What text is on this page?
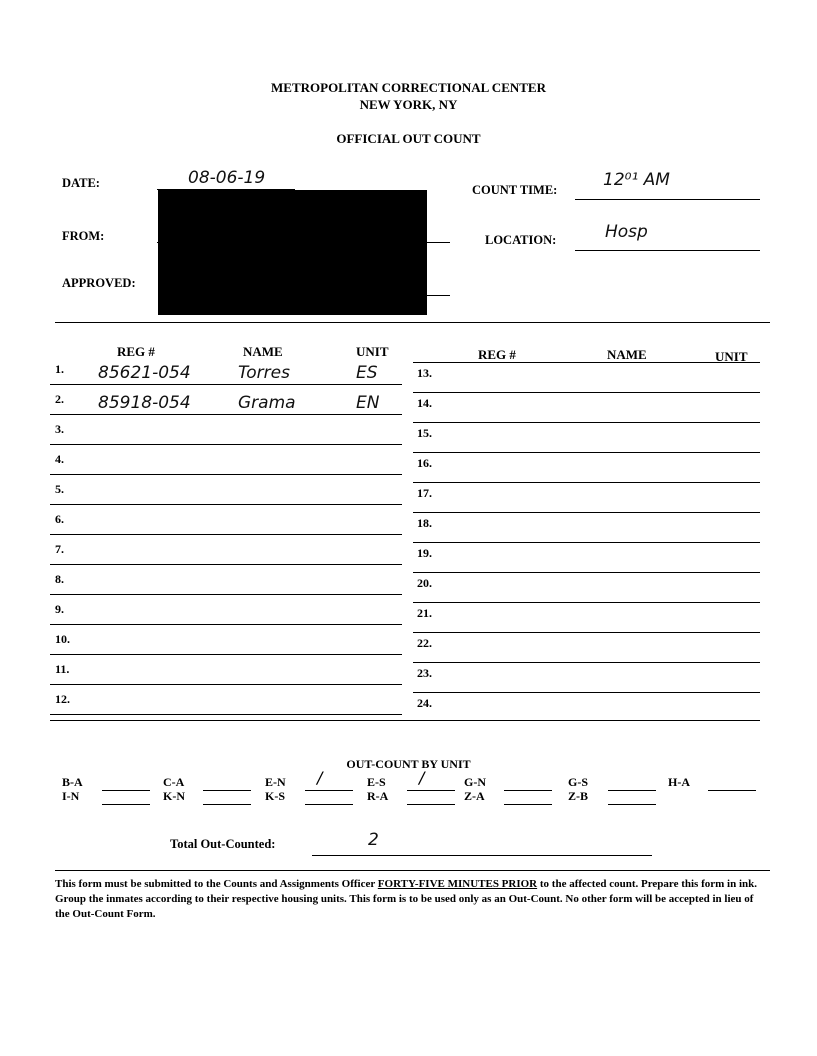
METROPOLITAN CORRECTIONAL CENTER
NEW YORK, NY
OFFICIAL OUT COUNT
DATE:	08-06-19
FROM:
APPROVED:
COUNT TIME:	12⁰¹ AM
LOCATION:	Hosp
REG #	NAME	UNIT	REG #	NAME	UNIT
1. 85621-054	Torres	ES
2. 85918-054	Grama	EN
3.
4.
5.
6.
7.
8.
9.
10.
11.
12.
13.
14.
15.
16.
17.
18.
19.
20.
21.
22.
23.
24.
OUT-COUNT BY UNIT
B-A	C-A	E-N /	E-S /	G-N	G-S	H-A
I-N	K-N	K-S	R-A	Z-A	Z-B
Total Out-Counted:	2
This form must be submitted to the Counts and Assignments Officer FORTY-FIVE MINUTES PRIOR to the affected count. Prepare this form in ink. Group the inmates according to their respective housing units. This form is to be used only as an Out-Count. No other form will be accepted in lieu of the Out-Count Form.
